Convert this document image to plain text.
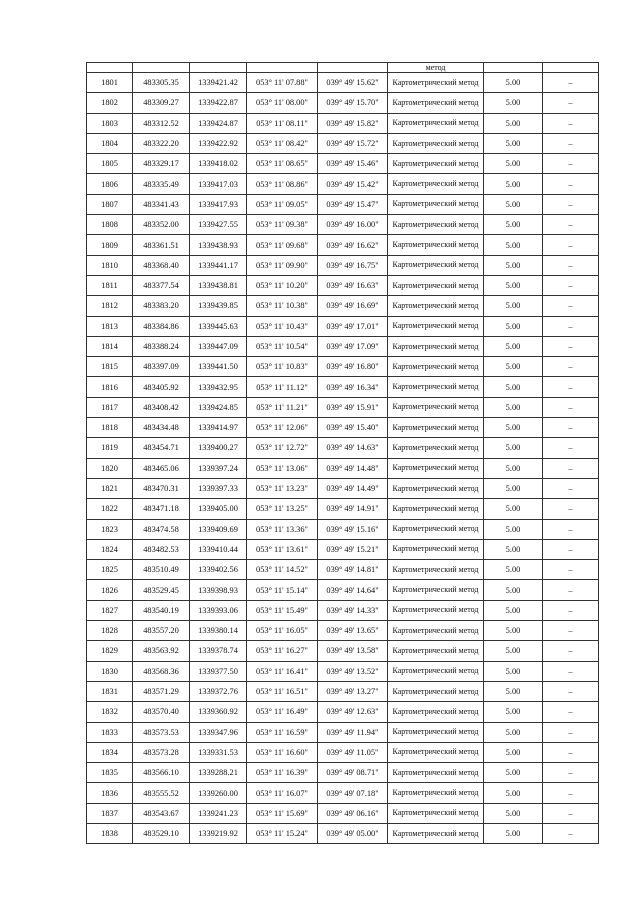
					метод		
1801	483305.35	1339421.42	053° 11' 07.88"	039° 49' 15.62"	Картометрический метод	5.00	–
1802	483309.27	1339422.87	053° 11' 08.00"	039° 49' 15.70"	Картометрический метод	5.00	–
1803	483312.52	1339424.87	053° 11' 08.11"	039° 49' 15.82"	Картометрический метод	5.00	–
1804	483322.20	1339422.92	053° 11' 08.42"	039° 49' 15.72"	Картометрический метод	5.00	–
1805	483329.17	1339418.02	053° 11' 08.65"	039° 49' 15.46"	Картометрический метод	5.00	–
1806	483335.49	1339417.03	053° 11' 08.86"	039° 49' 15.42"	Картометрический метод	5.00	–
1807	483341.43	1339417.93	053° 11' 09.05"	039° 49' 15.47"	Картометрический метод	5.00	–
1808	483352.00	1339427.55	053° 11' 09.38"	039° 49' 16.00"	Картометрический метод	5.00	–
1809	483361.51	1339438.93	053° 11' 09.68"	039° 49' 16.62"	Картометрический метод	5.00	–
1810	483368.40	1339441.17	053° 11' 09.90"	039° 49' 16.75"	Картометрический метод	5.00	–
1811	483377.54	1339438.81	053° 11' 10.20"	039° 49' 16.63"	Картометрический метод	5.00	–
1812	483383.20	1339439.85	053° 11' 10.38"	039° 49' 16.69"	Картометрический метод	5.00	–
1813	483384.86	1339445.63	053° 11' 10.43"	039° 49' 17.01"	Картометрический метод	5.00	–
1814	483388.24	1339447.09	053° 11' 10.54"	039° 49' 17.09"	Картометрический метод	5.00	–
1815	483397.09	1339441.50	053° 11' 10.83"	039° 49' 16.80"	Картометрический метод	5.00	–
1816	483405.92	1339432.95	053° 11' 11.12"	039° 49' 16.34"	Картометрический метод	5.00	–
1817	483408.42	1339424.85	053° 11' 11.21"	039° 49' 15.91"	Картометрический метод	5.00	–
1818	483434.48	1339414.97	053° 11' 12.06"	039° 49' 15.40"	Картометрический метод	5.00	–
1819	483454.71	1339400.27	053° 11' 12.72"	039° 49' 14.63"	Картометрический метод	5.00	–
1820	483465.06	1339397.24	053° 11' 13.06"	039° 49' 14.48"	Картометрический метод	5.00	–
1821	483470.31	1339397.33	053° 11' 13.23"	039° 49' 14.49"	Картометрический метод	5.00	–
1822	483471.18	1339405.00	053° 11' 13.25"	039° 49' 14.91"	Картометрический метод	5.00	–
1823	483474.58	1339409.69	053° 11' 13.36"	039° 49' 15.16"	Картометрический метод	5.00	–
1824	483482.53	1339410.44	053° 11' 13.61"	039° 49' 15.21"	Картометрический метод	5.00	–
1825	483510.49	1339402.56	053° 11' 14.52"	039° 49' 14.81"	Картометрический метод	5.00	–
1826	483529.45	1339398.93	053° 11' 15.14"	039° 49' 14.64"	Картометрический метод	5.00	–
1827	483540.19	1339393.06	053° 11' 15.49"	039° 49' 14.33"	Картометрический метод	5.00	–
1828	483557.20	1339380.14	053° 11' 16.05"	039° 49' 13.65"	Картометрический метод	5.00	–
1829	483563.92	1339378.74	053° 11' 16.27"	039° 49' 13.58"	Картометрический метод	5.00	–
1830	483568.36	1339377.50	053° 11' 16.41"	039° 49' 13.52"	Картометрический метод	5.00	–
1831	483571.29	1339372.76	053° 11' 16.51"	039° 49' 13.27"	Картометрический метод	5.00	–
1832	483570.40	1339360.92	053° 11' 16.49"	039° 49' 12.63"	Картометрический метод	5.00	–
1833	483573.53	1339347.96	053° 11' 16.59"	039° 49' 11.94"	Картометрический метод	5.00	–
1834	483573.28	1339331.53	053° 11' 16.60"	039° 49' 11.05"	Картометрический метод	5.00	–
1835	483566.10	1339288.21	053° 11' 16.39"	039° 49' 08.71"	Картометрический метод	5.00	–
1836	483555.52	1339260.00	053° 11' 16.07"	039° 49' 07.18"	Картометрический метод	5.00	–
1837	483543.67	1339241.23	053° 11' 15.69"	039° 49' 06.16"	Картометрический метод	5.00	–
1838	483529.10	1339219.92	053° 11' 15.24"	039° 49' 05.00"	Картометрический метод	5.00	–
